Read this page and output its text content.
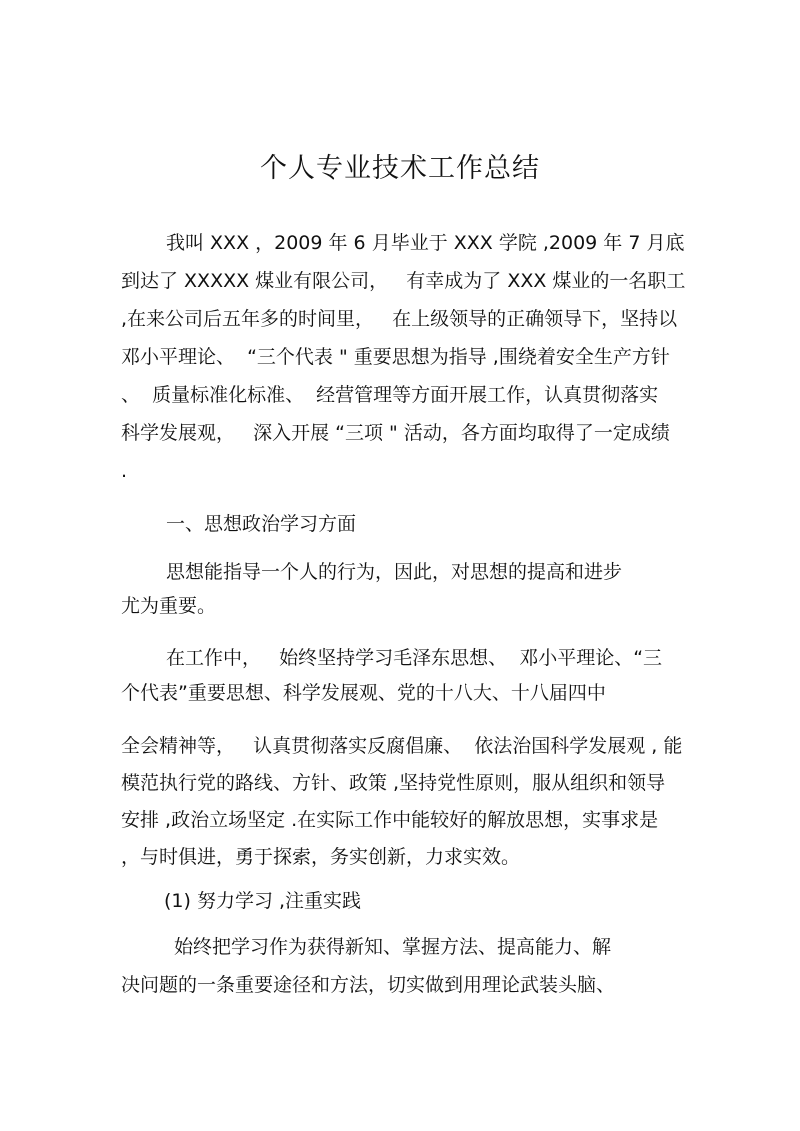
个人专业技术工作总结
我叫 XXX ，2009 年 6 月毕业于 XXX 学院 ,2009 年 7 月底
到达了 XXXXX 煤业有限公司，   有幸成为了 XXX 煤业的一名职工
,在来公司后五年多的时间里，   在上级领导的正确领导下，坚持以
邓小平理论、  “三个代表 " 重要思想为指导 ,围绕着安全生产方针
、  质量标准化标准、  经营管理等方面开展工作，认真贯彻落实
科学发展观，   深入开展 “三项 " 活动，各方面均取得了一定成绩
.
一、思想政治学习方面
思想能指导一个人的行为，因此，对思想的提高和进步
尤为重要。
在工作中，   始终坚持学习毛泽东思想、  邓小平理论、“三
个代表”重要思想、科学发展观、党的十八大、十八届四中
全会精神等，   认真贯彻落实反腐倡廉、  依法治国科学发展观 , 能
模范执行党的路线、方针、政策 ,坚持党性原则，服从组织和领导
安排 ,政治立场坚定 .在实际工作中能较好的解放思想，实事求是
，与时俱进，勇于探索，务实创新，力求实效。
(1) 努力学习 ,注重实践
始终把学习作为获得新知、掌握方法、提高能力、解
决问题的一条重要途径和方法，切实做到用理论武装头脑、
